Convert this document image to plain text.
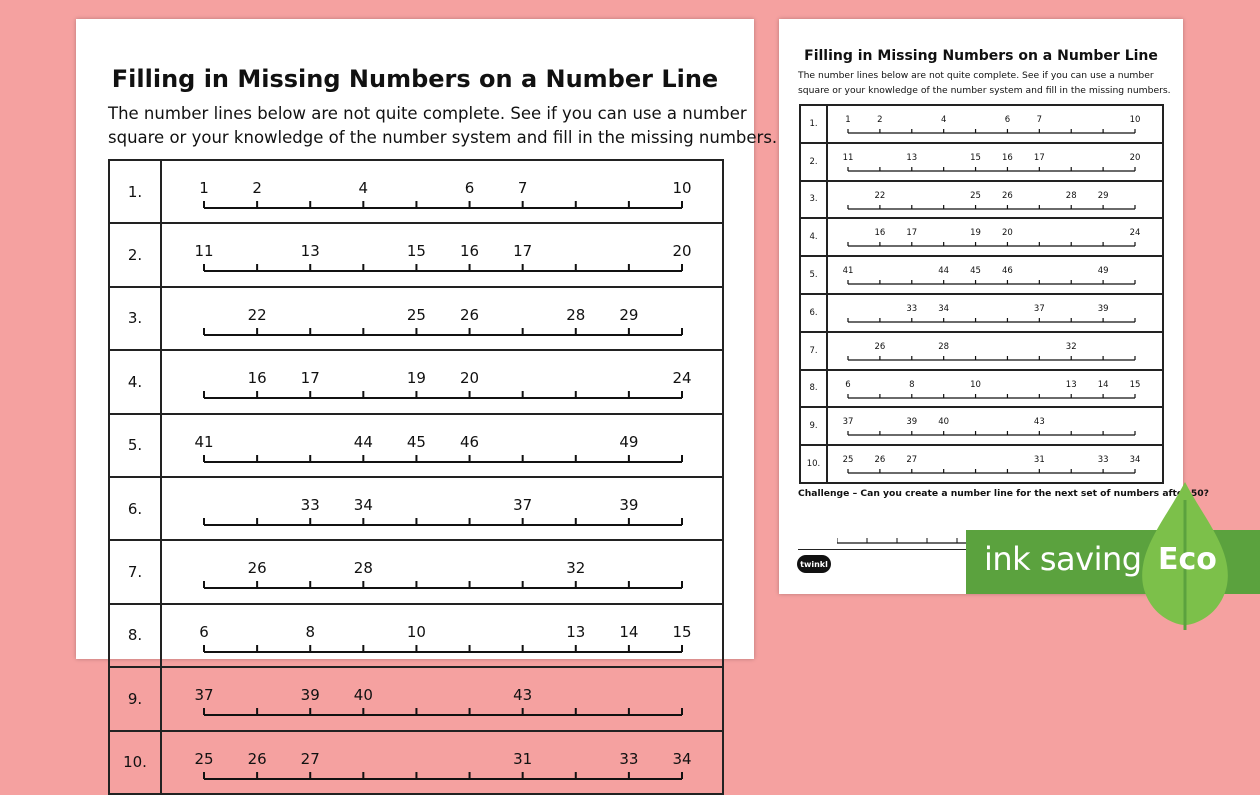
Filling in Missing Numbers on a Number Line
The number lines below are not quite complete. See if you can use a number
square or your knowledge of the number system and fill in the missing numbers.
1.	1	2	4	6	7	10
2.	11	13	15 16 17	20
3.	22	25 26	28 29
4.	16 17	19 20	24
5.	41	44 45 46	49
6.	33 34	37	39
7.	26	28	32
8.	6	8	10	13 14 15
9.	37	39 40	43
10.	25 26 27	31	33 34
Filling in Missing Numbers on a Number Line
The number lines below are not quite complete. See if you can use a number
square or your knowledge of the number system and fill in the missing numbers.
1.	1	2	4	6	7	10
2.	11	13	15 16 17	20
3.	22	25 26	28 29
4.	16 17	19 20	24
5.	41	44 45 46	49
6.	33 34	37	39
7.	26	28	32
8.	6	8	10	13 14 15
9.	37	39 40	43
10.	25 26 27	31	33 34
Challenge – Can you create a number line for the next set of numbers after 50?
twinkl	ink saving Eco
